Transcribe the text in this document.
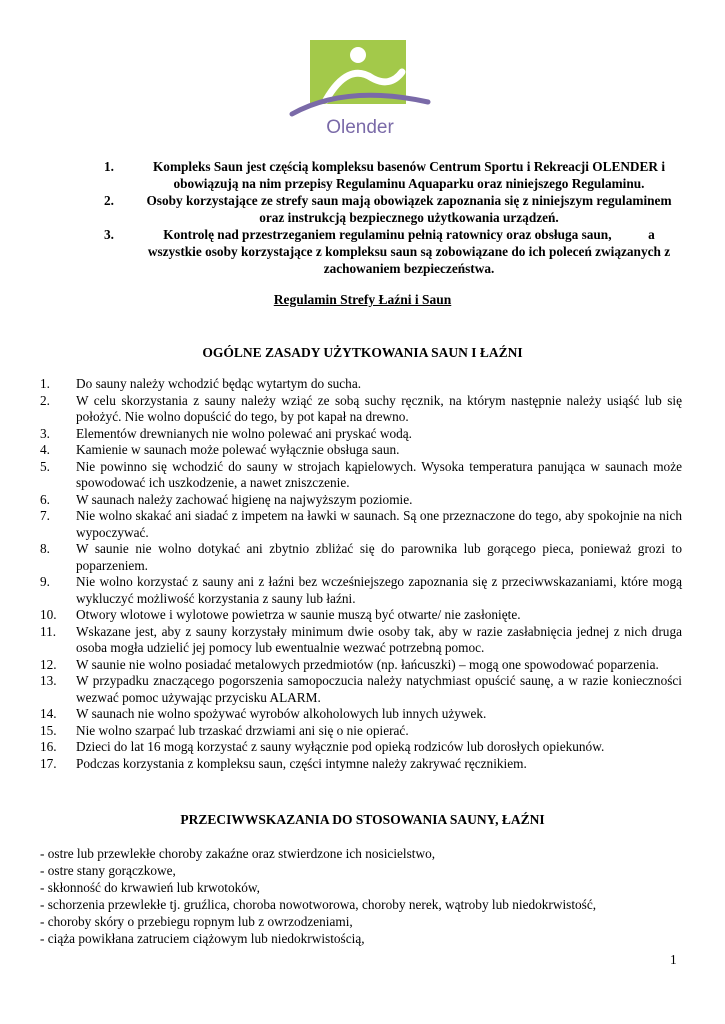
Olender
1.	Kompleks Saun jest częścią kompleksu basenów Centrum Sportu i Rekreacji OLENDER i
obowiązują na nim przepisy Regulaminu Aquaparku oraz niniejszego Regulaminu.
2.	Osoby korzystające ze strefy saun mają obowiązek zapoznania się z niniejszym regulaminem
oraz instrukcją bezpiecznego użytkowania urządzeń.
3.	Kontrolę nad przestrzeganiem regulaminu pełnią ratownicy oraz obsługa saun,           a
wszystkie osoby korzystające z kompleksu saun są zobowiązane do ich poleceń związanych z
zachowaniem bezpieczeństwa.
Regulamin Strefy Łaźni i Saun
OGÓLNE ZASADY UŻYTKOWANIA SAUN I ŁAŹNI
1.	Do sauny należy wchodzić będąc wytartym do sucha.
2.	W celu skorzystania z sauny należy wziąć ze sobą suchy ręcznik, na którym następnie należy usiąść lub się położyć. Nie wolno dopuścić do tego, by pot kapał na drewno.
3.	Elementów drewnianych nie wolno polewać ani pryskać wodą.
4.	Kamienie w saunach może polewać wyłącznie obsługa saun.
5.	Nie powinno się wchodzić do sauny w strojach kąpielowych. Wysoka temperatura panująca w saunach może spowodować ich uszkodzenie, a nawet zniszczenie.
6.	W saunach należy zachować higienę na najwyższym poziomie.
7.	Nie wolno skakać ani siadać z impetem na ławki w saunach. Są one przeznaczone do tego, aby spokojnie na nich wypoczywać.
8.	W saunie nie wolno dotykać ani zbytnio zbliżać się do parownika lub gorącego pieca, ponieważ grozi to poparzeniem.
9.	Nie wolno korzystać z sauny ani z łaźni bez wcześniejszego zapoznania się z przeciwwskazaniami, które mogą wykluczyć możliwość korzystania z sauny lub łaźni.
10.	Otwory wlotowe i wylotowe powietrza w saunie muszą być otwarte/ nie zasłonięte.
11.	Wskazane jest, aby z sauny korzystały minimum dwie osoby tak, aby w razie zasłabnięcia jednej z nich druga osoba mogła udzielić jej pomocy lub ewentualnie wezwać potrzebną pomoc.
12.	W saunie nie wolno posiadać metalowych przedmiotów (np. łańcuszki) – mogą one spowodować poparzenia.
13.	W przypadku znaczącego pogorszenia samopoczucia należy natychmiast opuścić saunę, a w razie konieczności wezwać pomoc używając przycisku ALARM.
14.	W saunach nie wolno spożywać wyrobów alkoholowych lub innych używek.
15.	Nie wolno szarpać lub trzaskać drzwiami ani się o nie opierać.
16.	Dzieci do lat 16 mogą korzystać z sauny wyłącznie pod opieką rodziców lub dorosłych opiekunów.
17.	Podczas korzystania z kompleksu saun, części intymne należy zakrywać ręcznikiem.
PRZECIWWSKAZANIA DO STOSOWANIA SAUNY, ŁAŹNI
- ostre lub przewlekłe choroby zakaźne oraz stwierdzone ich nosicielstwo,
- ostre stany gorączkowe,
- skłonność do krwawień lub krwotoków,
- schorzenia przewlekłe tj. gruźlica, choroba nowotworowa, choroby nerek, wątroby lub niedokrwistość,
- choroby skóry o przebiegu ropnym lub z owrzodzeniami,
- ciąża powikłana zatruciem ciążowym lub niedokrwistością,
1
